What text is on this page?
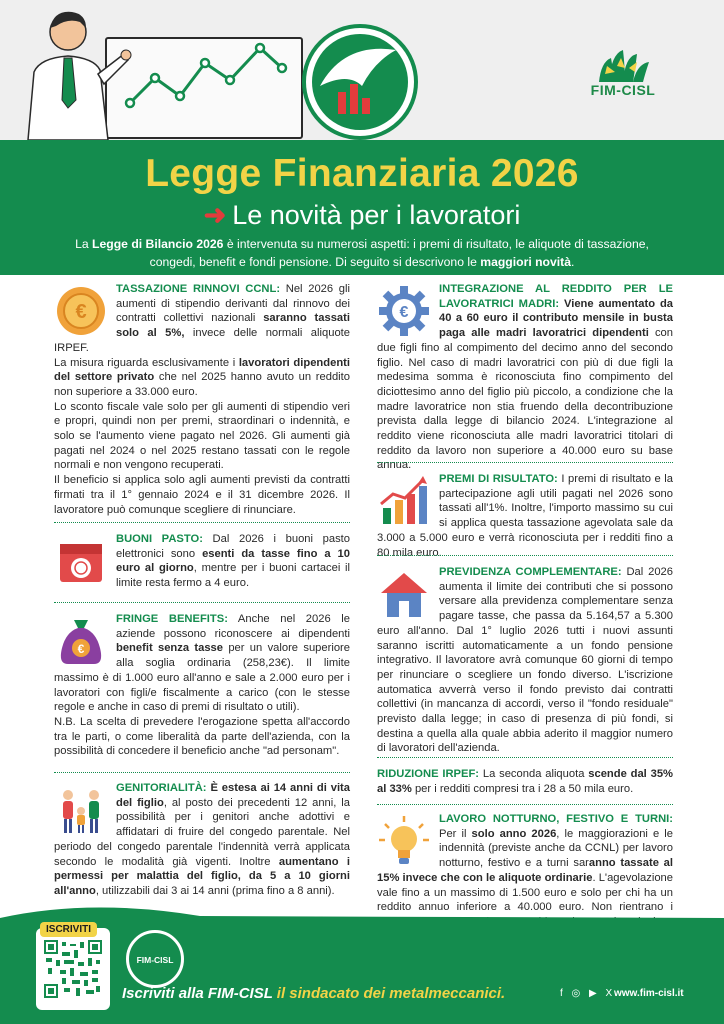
FIM-CISL
Legge Finanziaria 2026
➜ Le novità per i lavoratori
La Legge di Bilancio 2026 è intervenuta su numerosi aspetti: i premi di risultato, le aliquote di tassazione, congedi, benefit e fondi pensione. Di seguito si descrivono le maggiori novità.
€

TASSAZIONE RINNOVI CCNL: Nel 2026 gli aumenti di stipendio derivanti dal rinnovo dei contratti collettivi nazionali saranno tassati solo al 5%, invece delle normali aliquote IRPEF.

La misura riguarda esclusivamente i lavoratori dipendenti del settore privato che nel 2025 hanno avuto un reddito non superiore a 33.000 euro.

Lo sconto fiscale vale solo per gli aumenti di stipendio veri e propri, quindi non per premi, straordinari o indennità, e solo se l'aumento viene pagato nel 2026. Gli aumenti già pagati nel 2024 o nel 2025 restano tassati con le regole normali e non vengono recuperati.

Il beneficio si applica solo agli aumenti previsti da contratti firmati tra il 1° gennaio 2024 e il 31 dicembre 2026. Il lavoratore può comunque scegliere di rinunciare.

BUONI PASTO: Dal 2026 i buoni pasto elettronici sono esenti da tasse fino a 10 euro al giorno, mentre per i buoni cartacei il limite resta fermo a 4 euro.

€

FRINGE BENEFITS: Anche nel 2026 le aziende possono riconoscere ai dipendenti benefit senza tasse per un valore superiore alla soglia ordinaria (258,23€). Il limite massimo è di 1.000 euro all'anno e sale a 2.000 euro per i lavoratori con figli/e fiscalmente a carico (con le stesse regole e anche in caso di premi di risultato o utili).

N.B. La scelta di prevedere l'erogazione spetta all'accordo tra le parti, o come liberalità da parte dell'azienda, con la possibilità di concedere il beneficio anche "ad personam".

GENITORIALITÀ: È estesa ai 14 anni di vita del figlio, al posto dei precedenti 12 anni, la possibilità per i genitori anche adottivi e affidatari di fruire del congedo parentale. Nel periodo del congedo parentale l'indennità verrà applicata secondo le modalità già vigenti. Inoltre aumentano i permessi per malattia del figlio, da 5 a 10 giorni all'anno, utilizzabili dai 3 ai 14 anni (prima fino a 8 anni).

€

INTEGRAZIONE AL REDDITO PER LE LAVORATRICI MADRI: Viene aumentato da 40 a 60 euro il contributo mensile in busta paga alle madri lavoratrici dipendenti con due figli fino al compimento del decimo anno del secondo figlio. Nel caso di madri lavoratrici con più di due figli la medesima somma è riconosciuta fino compimento del diciottesimo anno del figlio più piccolo, a condizione che la madre lavoratrice non stia fruendo della decontribuzione prevista dalla legge di bilancio 2024. L'integrazione al reddito viene riconosciuta alle madri lavoratrici titolari di reddito da lavoro non superiore a 40.000 euro su base annua.

PREMI DI RISULTATO: I premi di risultato e la partecipazione agli utili pagati nel 2026 sono tassati all'1%. Inoltre, l'importo massimo su cui si applica questa tassazione agevolata sale da 3.000 a 5.000 euro e verrà riconosciuta per i redditi fino a 80 mila euro.

PREVIDENZA COMPLEMENTARE: Dal 2026 aumenta il limite dei contributi che si possono versare alla previdenza complementare senza pagare tasse, che passa da 5.164,57 a 5.300 euro all'anno. Dal 1° luglio 2026 tutti i nuovi assunti saranno iscritti automaticamente a un fondo pensione integrativo. Il lavoratore avrà comunque 60 giorni di tempo per rinunciare o scegliere un fondo diverso. L'iscrizione automatica avverrà verso il fondo previsto dai contratti collettivi (in mancanza di accordi, verso il "fondo residuale" previsto dalla legge; in caso di presenza di più fondi, si destina a quella alla quale abbia aderito il maggior numero di lavoratori dell'azienda.

RIDUZIONE IRPEF: La seconda aliquota scende dal 35% al 33% per i redditi compresi tra i 28 a 50 mila euro.

LAVORO NOTTURNO, FESTIVO E TURNI: Per il solo anno 2026, le maggiorazioni e le indennità (previste anche da CCNL) per lavoro notturno, festivo e a turni saranno tassate al 15% invece che con le aliquote ordinarie. L'agevolazione vale fino a un massimo di 1.500 euro e solo per chi ha un reddito annuo inferiore a 40.000 euro. Non rientrano i

ISCRIVITI
FIM-CISL
Iscriviti alla FIM-CISL il sindacato dei metalmeccanici.	f ◎ ▶ X
www.fim-cisl.it
